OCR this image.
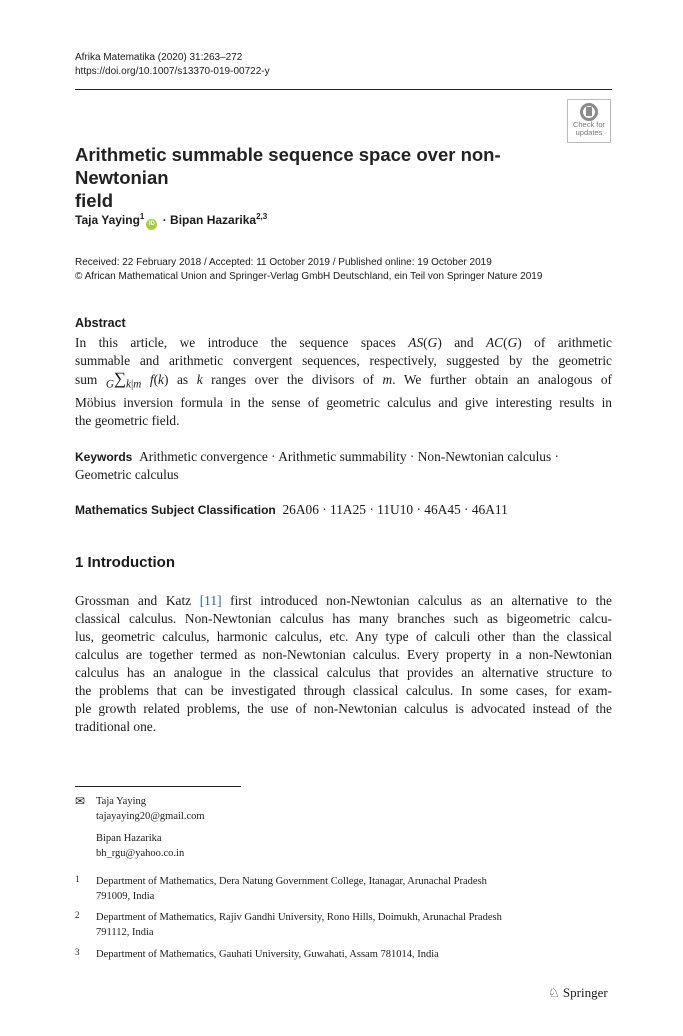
Afrika Matematika (2020) 31:263–272
https://doi.org/10.1007/s13370-019-00722-y
Check for
updates
Arithmetic summable sequence space over non-Newtonian
field
Taja Yaying$^1$iD · Bipan Hazarika$^{2,3}$
Received: 22 February 2018 / Accepted: 11 October 2019 / Published online: 19 October 2019
© African Mathematical Union and Springer-Verlag GmbH Deutschland, ein Teil von Springer Nature 2019
Abstract
In this article, we introduce the sequence spaces AS(G) and AC(G) of arithmetic
summable and arithmetic convergent sequences, respectively, suggested by the geometric
sum $_G\sum_{k|m}$ f(k) as k ranges over the divisors of m. We further obtain an analogous of
Möbius inversion formula in the sense of geometric calculus and give interesting results in
the geometric field.
Keywords Arithmetic convergence · Arithmetic summability · Non-Newtonian calculus ·
Geometric calculus
Mathematics Subject Classification 26A06 · 11A25 · 11U10 · 46A45 · 46A11
1 Introduction
Grossman and Katz [11] first introduced non-Newtonian calculus as an alternative to the
classical calculus. Non-Newtonian calculus has many branches such as bigeometric calcu-
lus, geometric calculus, harmonic calculus, etc. Any type of calculi other than the classical
calculus are together termed as non-Newtonian calculus. Every property in a non-Newtonian
calculus has an analogue in the classical calculus that provides an alternative structure to
the problems that can be investigated through classical calculus. In some cases, for exam-
ple growth related problems, the use of non-Newtonian calculus is advocated instead of the
traditional one.
✉ Taja Yaying
tajayaying20@gmail.com
Bipan Hazarika
bh_rgu@yahoo.co.in
1 Department of Mathematics, Dera Natung Government College, Itanagar, Arunachal Pradesh
791009, India
2 Department of Mathematics, Rajiv Gandhi University, Rono Hills, Doimukh, Arunachal Pradesh
791112, India
3 Department of Mathematics, Gauhati University, Guwahati, Assam 781014, India
♘ Springer
